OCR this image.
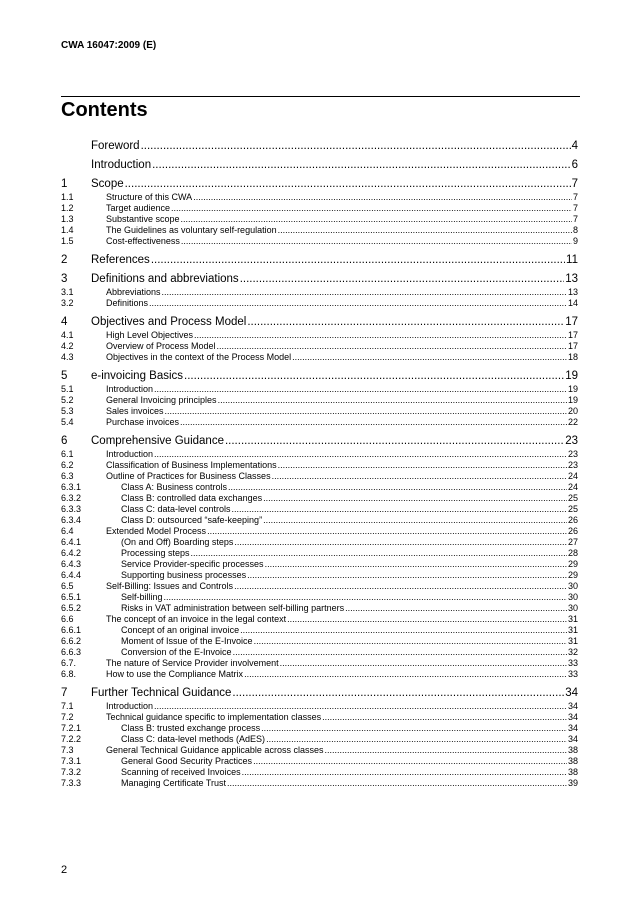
CWA 16047:2009 (E)
Contents
Foreword .....	4
Introduction .....	6
1	Scope .....	7
1.1	Structure of this CWA .....	7
1.2	Target audience .....	7
1.3	Substantive scope .....	7
1.4	The Guidelines as voluntary self-regulation .....	8
1.5	Cost-effectiveness .....	9
2	References .....	11
3	Definitions and abbreviations .....	13
3.1	Abbreviations .....	13
3.2	Definitions .....	14
4	Objectives and Process Model .....	17
4.1	High Level Objectives .....	17
4.2	Overview of Process Model .....	17
4.3	Objectives in the context of the Process Model .....	18
5	e-invoicing Basics .....	19
5.1	Introduction .....	19
5.2	General Invoicing principles .....	19
5.3	Sales invoices .....	20
5.4	Purchase invoices .....	22
6	Comprehensive Guidance .....	23
6.1	Introduction .....	23
6.2	Classification of Business Implementations .....	23
6.3	Outline of Practices for Business Classes .....	24
6.3.1	Class A: Business controls .....	24
6.3.2	Class B: controlled data exchanges .....	25
6.3.3	Class C: data-level controls .....	25
6.3.4	Class D: outsourced “safe-keeping” .....	26
6.4	Extended Model Process .....	26
6.4.1	(On and Off) Boarding steps .....	27
6.4.2	Processing steps .....	28
6.4.3	Service Provider-specific processes .....	29
6.4.4	Supporting business processes .....	29
6.5	Self-Billing: Issues and Controls .....	30
6.5.1	Self-billing .....	30
6.5.2	Risks in VAT administration between self-billing partners .....	30
6.6	The concept of an invoice in the legal context .....	31
6.6.1	Concept of an original invoice .....	31
6.6.2	Moment of Issue of the E-Invoice .....	31
6.6.3	Conversion of the E-Invoice .....	32
6.7.	The nature of Service Provider involvement .....	33
6.8.	How to use the Compliance Matrix .....	33
7	Further Technical Guidance .....	34
7.1	Introduction .....	34
7.2	Technical guidance specific to implementation classes .....	34
7.2.1	Class B: trusted exchange process .....	34
7.2.2	Class C: data-level methods (AdES) .....	34
7.3	General Technical Guidance applicable across classes .....	38
7.3.1	General Good Security Practices .....	38
7.3.2	Scanning of received Invoices .....	38
7.3.3	Managing Certificate Trust .....	39
2
